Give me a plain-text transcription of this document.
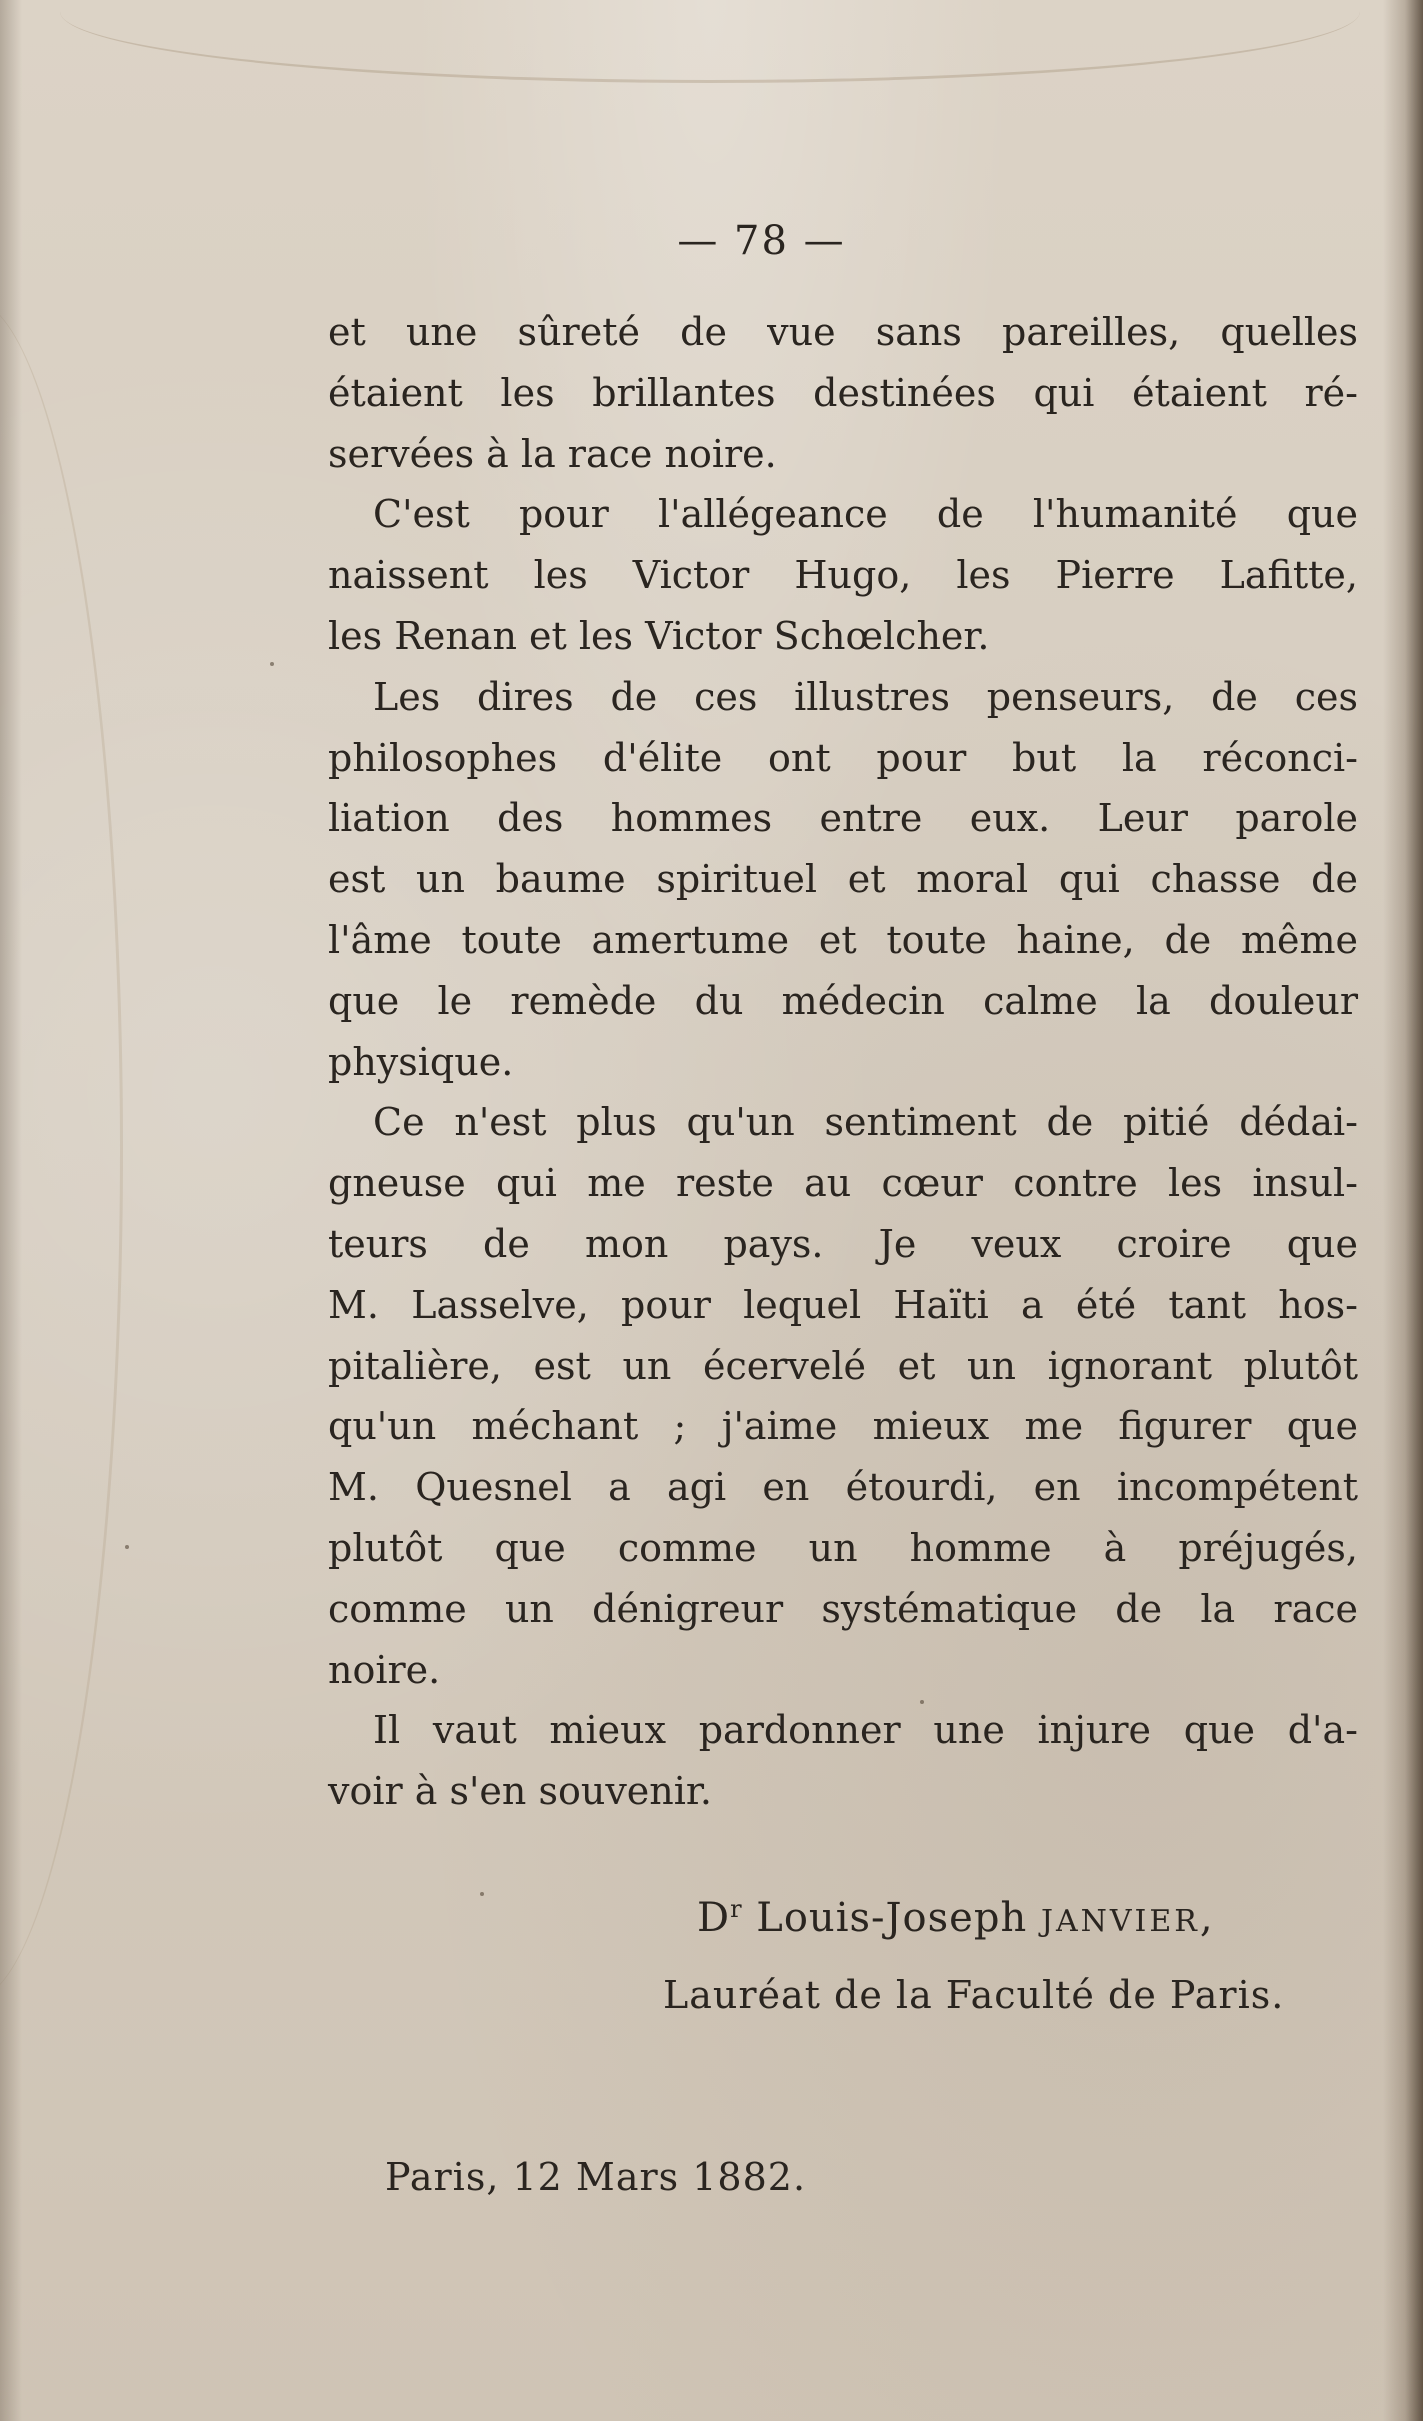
— 78 —
et une sûreté de vue sans pareilles, quelles
étaient les brillantes destinées qui étaient ré-
servées à la race noire.
C'est pour l'allégeance de l'humanité que
naissent les Victor Hugo, les Pierre Lafitte,
les Renan et les Victor Schœlcher.
Les dires de ces illustres penseurs, de ces
philosophes d'élite ont pour but la réconci-
liation des hommes entre eux. Leur parole
est un baume spirituel et moral qui chasse de
l'âme toute amertume et toute haine, de même
que le remède du médecin calme la douleur
physique.
Ce n'est plus qu'un sentiment de pitié dédai-
gneuse qui me reste au cœur contre les insul-
teurs de mon pays. Je veux croire que
M. Lasselve, pour lequel Haïti a été tant hos-
pitalière, est un écervelé et un ignorant plutôt
qu'un méchant ; j'aime mieux me figurer que
M. Quesnel a agi en étourdi, en incompétent
plutôt que comme un homme à préjugés,
comme un dénigreur systématique de la race
noire.
Il vaut mieux pardonner une injure que d'a-
voir à s'en souvenir.
$D^r$ Louis-Joseph JANVIER,
Lauréat de la Faculté de Paris.
Paris, 12 Mars 1882.
